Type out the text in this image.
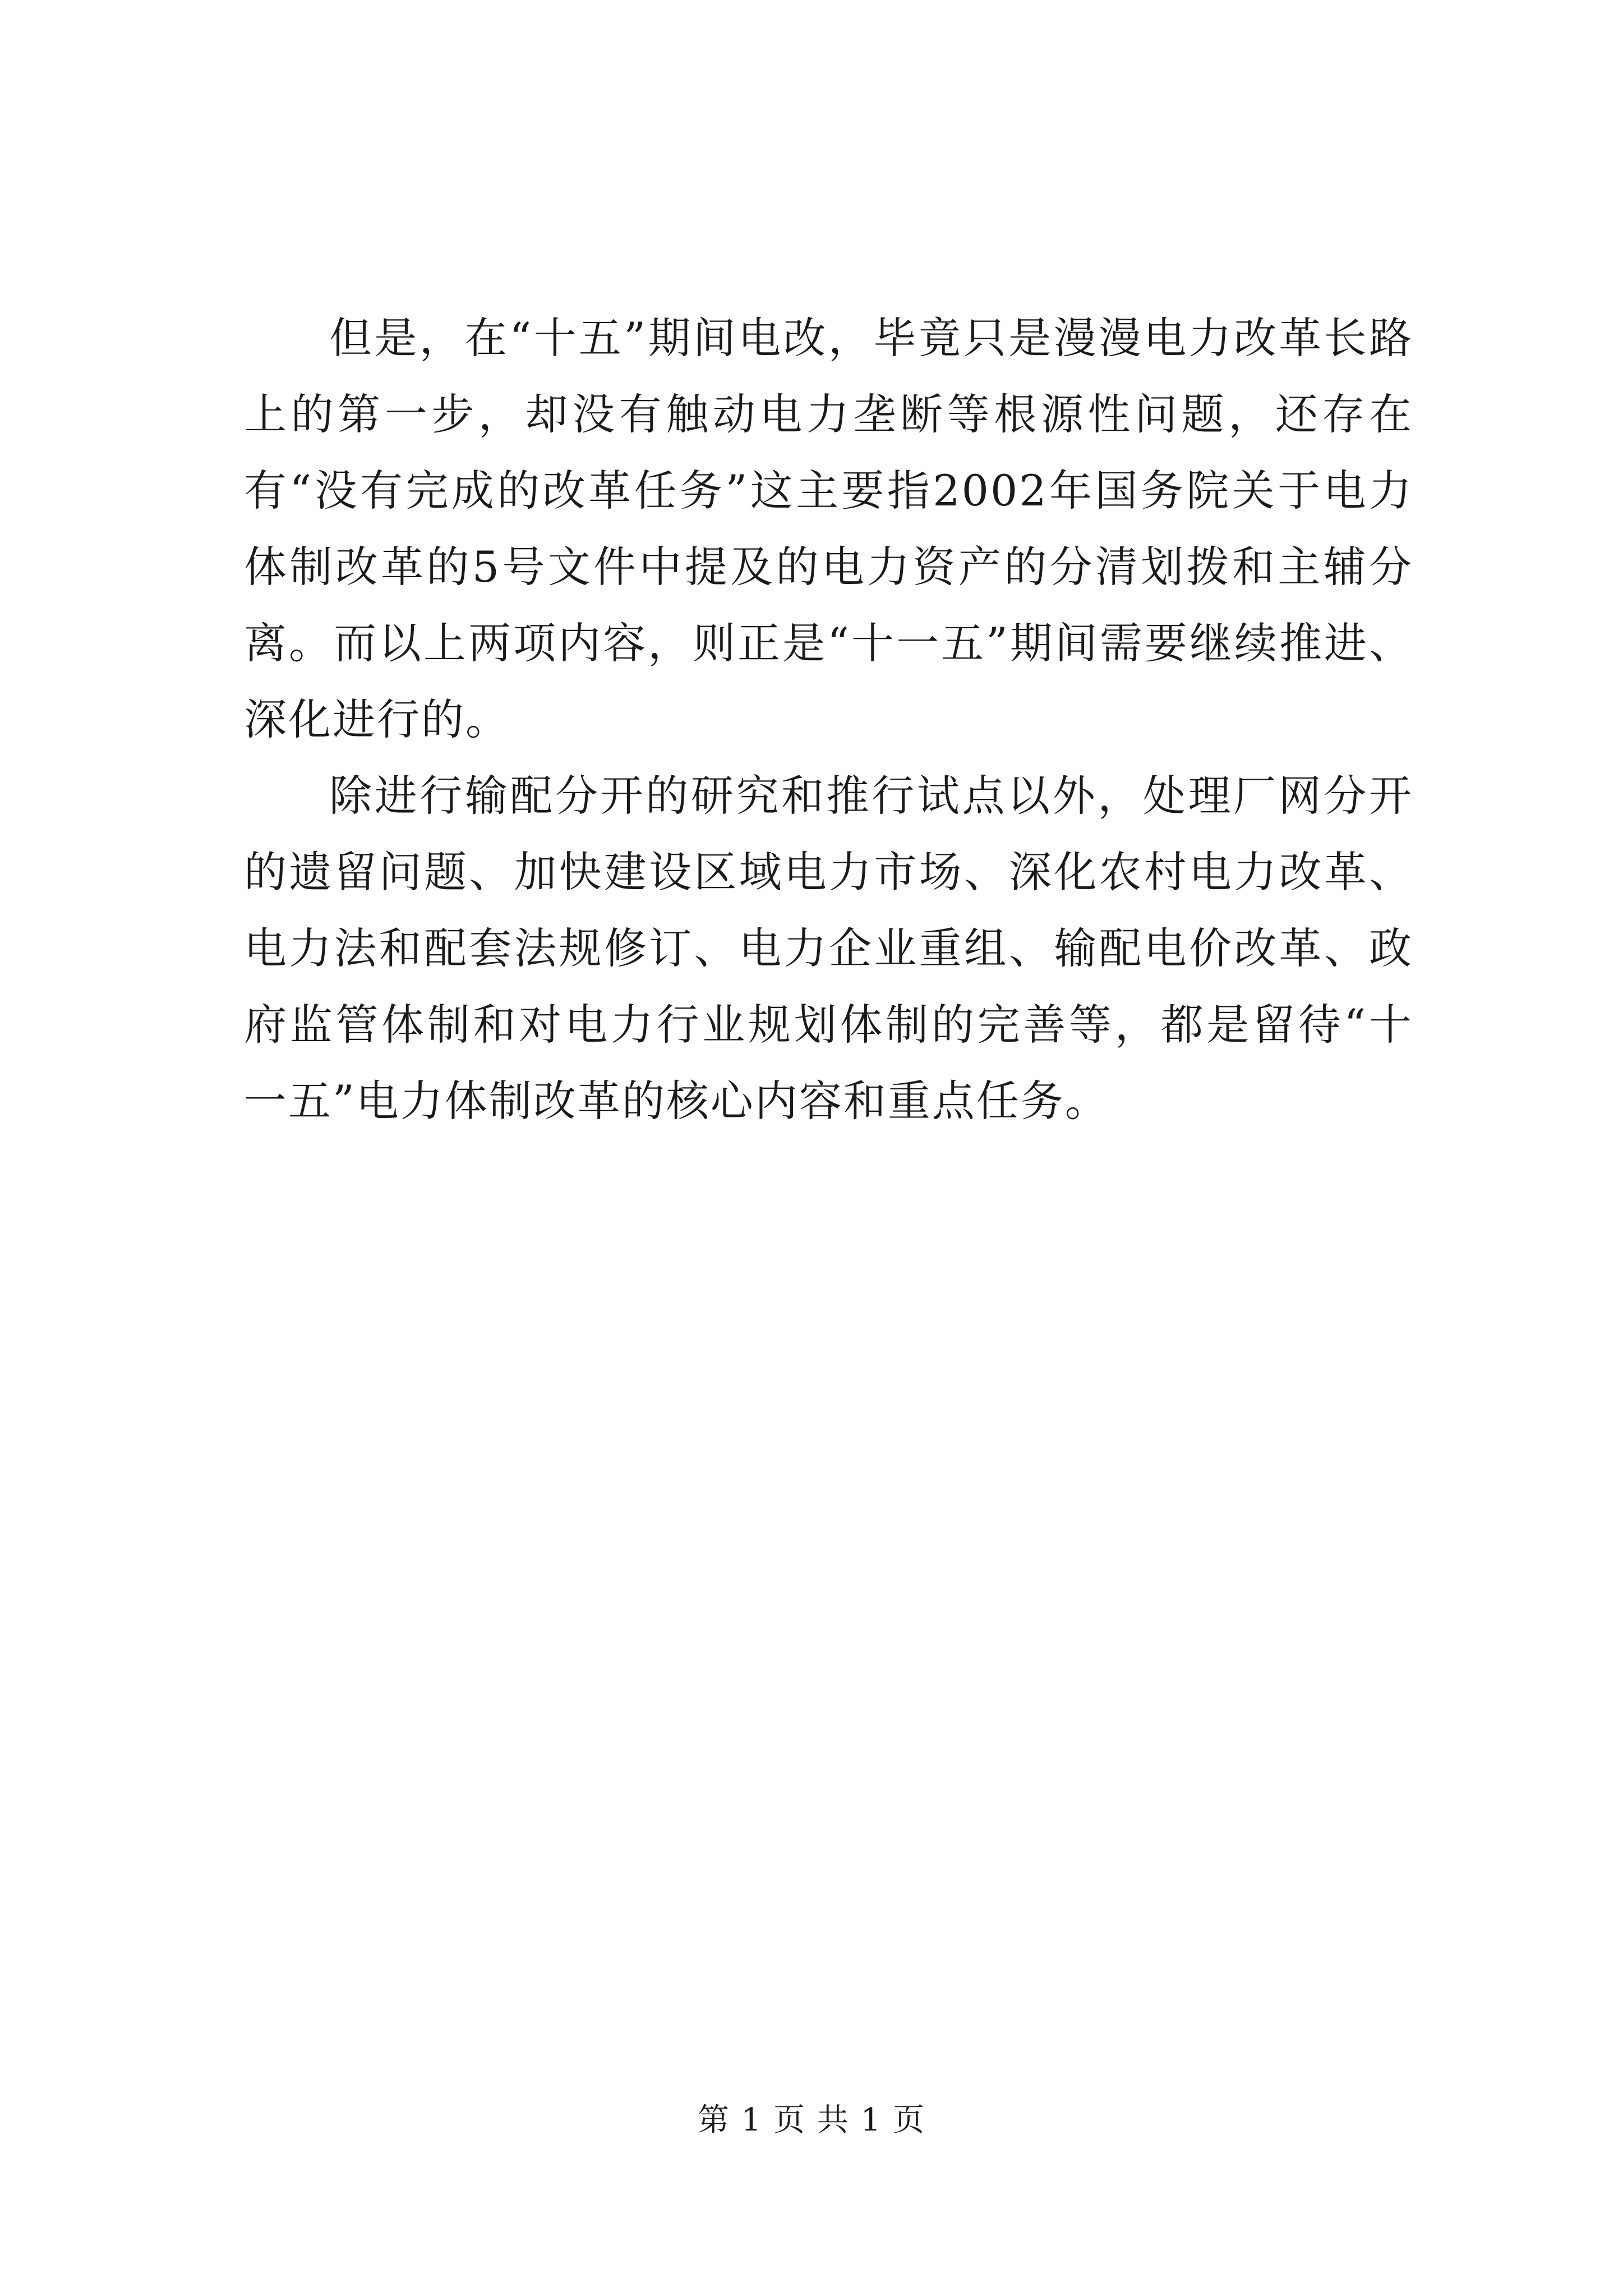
但是，在“十五”期间电改，毕竟只是漫漫电力改革长路上的第一步，却没有触动电力垄断等根源性问题，还存在有“没有完成的改革任务”这主要指2002年国务院关于电力体制改革的5号文件中提及的电力资产的分清划拨和主辅分离。而以上两项内容，则正是“十一五”期间需要继续推进、深化进行的。

除进行输配分开的研究和推行试点以外，处理厂网分开的遗留问题、加快建设区域电力市场、深化农村电力改革、电力法和配套法规修订、电力企业重组、输配电价改革、政府监管体制和对电力行业规划体制的完善等，都是留待“十一五”电力体制改革的核心内容和重点任务。

第 1 页 共 1 页
